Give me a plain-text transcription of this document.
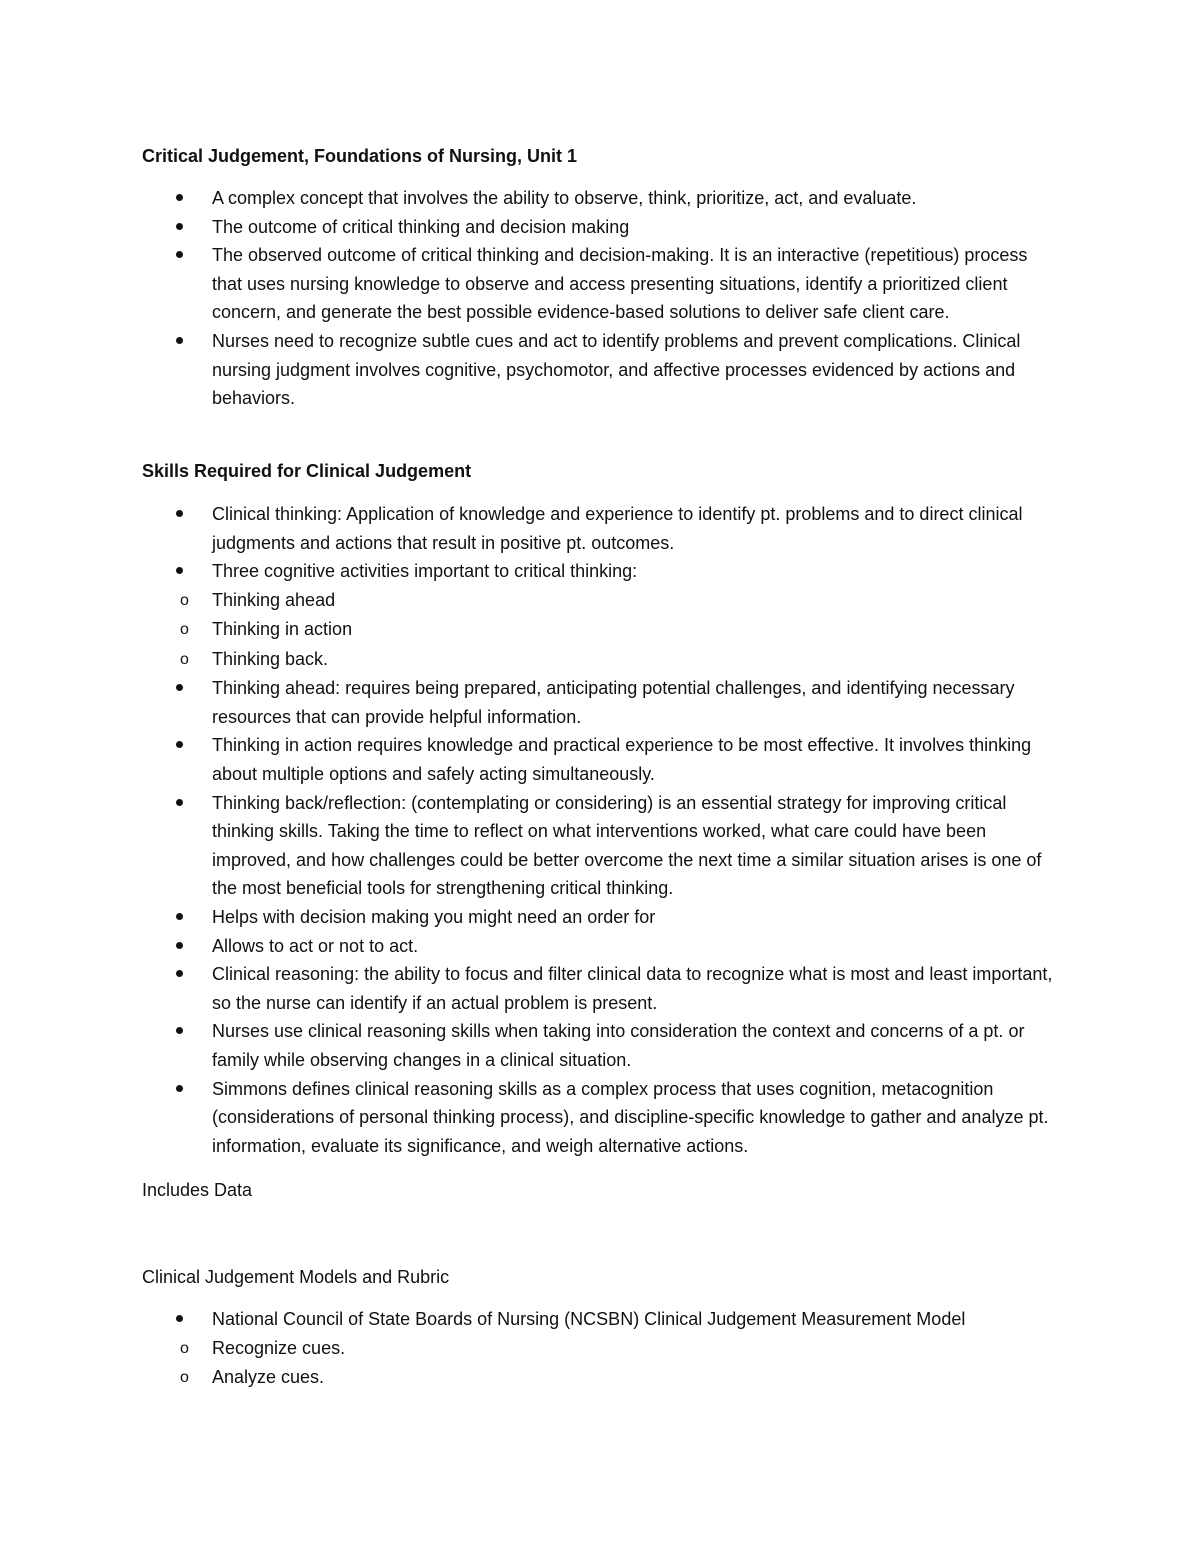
Critical Judgement, Foundations of Nursing, Unit 1

A complex concept that involves the ability to observe, think, prioritize, act, and evaluate.
The outcome of critical thinking and decision making
The observed outcome of critical thinking and decision-making. It is an interactive (repetitious) process that uses nursing knowledge to observe and access presenting situations, identify a prioritized client concern, and generate the best possible evidence-based solutions to deliver safe client care.
Nurses need to recognize subtle cues and act to identify problems and prevent complications. Clinical nursing judgment involves cognitive, psychomotor, and affective processes evidenced by actions and behaviors.

Skills Required for Clinical Judgement

Clinical thinking: Application of knowledge and experience to identify pt. problems and to direct clinical judgments and actions that result in positive pt. outcomes.
Three cognitive activities important to critical thinking:
o Thinking ahead
o Thinking in action
o Thinking back.
Thinking ahead: requires being prepared, anticipating potential challenges, and identifying necessary resources that can provide helpful information.
Thinking in action requires knowledge and practical experience to be most effective. It involves thinking about multiple options and safely acting simultaneously.
Thinking back/reflection: (contemplating or considering) is an essential strategy for improving critical thinking skills. Taking the time to reflect on what interventions worked, what care could have been improved, and how challenges could be better overcome the next time a similar situation arises is one of the most beneficial tools for strengthening critical thinking.
Helps with decision making you might need an order for
Allows to act or not to act.
Clinical reasoning: the ability to focus and filter clinical data to recognize what is most and least important, so the nurse can identify if an actual problem is present.
Nurses use clinical reasoning skills when taking into consideration the context and concerns of a pt. or family while observing changes in a clinical situation.
Simmons defines clinical reasoning skills as a complex process that uses cognition, metacognition (considerations of personal thinking process), and discipline-specific knowledge to gather and analyze pt. information, evaluate its significance, and weigh alternative actions.

Includes Data

Clinical Judgement Models and Rubric

National Council of State Boards of Nursing (NCSBN) Clinical Judgement Measurement Model
o Recognize cues.
o Analyze cues.
